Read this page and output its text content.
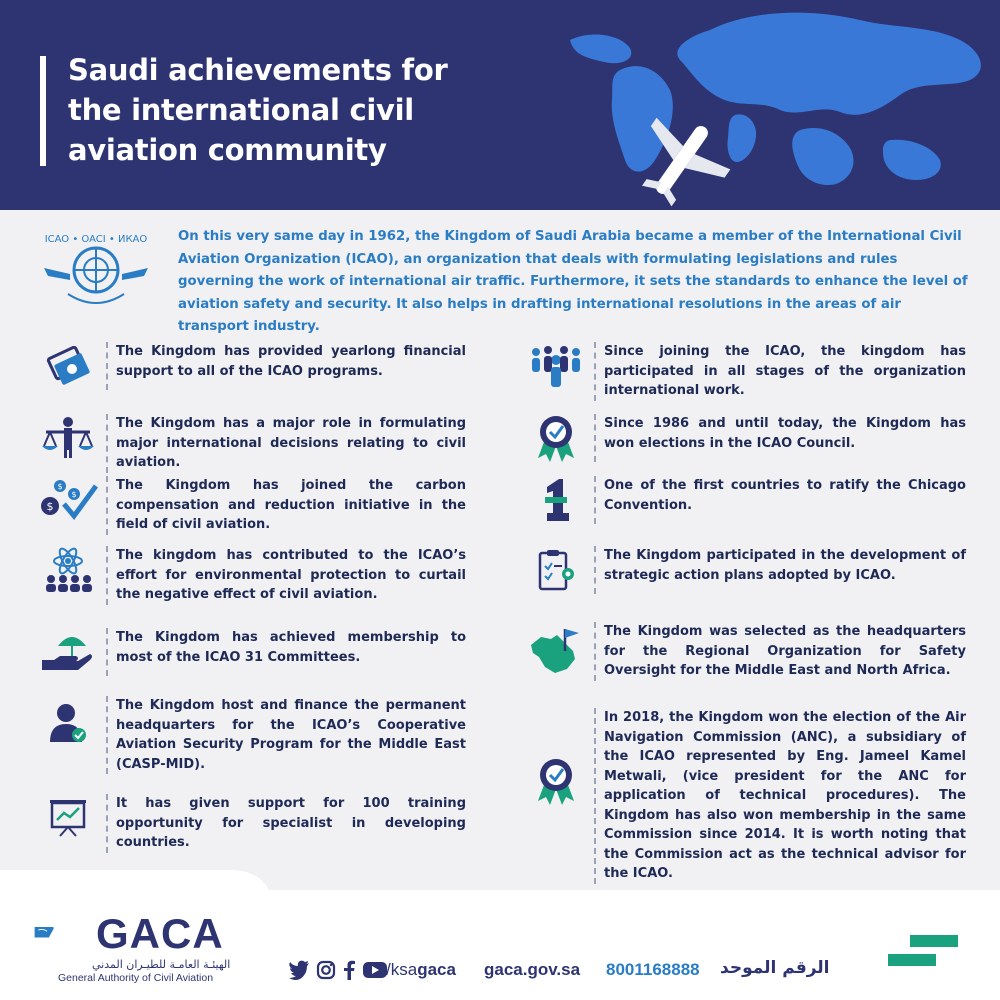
Saudi achievements for the international civil aviation community
ICAO • OACI • ИКАО On this very same day in 1962, the Kingdom of Saudi Arabia became a member of the International Civil Aviation Organization (ICAO), an organization that deals with formulating legislations and rules governing the work of international air traffic. Furthermore, it sets the standards to enhance the level of aviation safety and security. It also helps in drafting international resolutions in the areas of air transport industry.

The Kingdom has provided yearlong financial support to all of the ICAO programs.
The Kingdom has a major role in formulating major international decisions relating to civil aviation.
$
$
$
The Kingdom has joined the carbon compensation and reduction initiative in the field of civil aviation.
The kingdom has contributed to the ICAO’s effort for environmental protection to curtail the negative effect of civil aviation.
The Kingdom has achieved membership to most of the ICAO 31 Committees.
The Kingdom host and finance the permanent headquarters for the ICAO’s Cooperative Aviation Security Program for the Middle East (CASP-MID).
It has given support for 100 training opportunity for specialist in developing countries.
Since joining the ICAO, the kingdom has participated in all stages of the organization international work.
Since 1986 and until today, the Kingdom has won elections in the ICAO Council.
One of the first countries to ratify the Chicago Convention.
The Kingdom participated in the development of strategic action plans adopted by ICAO.
The Kingdom was selected as the headquarters for the Regional Organization for Safety Oversight for the Middle East and North Africa.
In 2018, the Kingdom won the election of the Air Navigation Commission (ANC), a subsidiary of the ICAO represented by Eng. Jameel Kamel Metwali, (vice president for the ANC for application of technical procedures). The Kingdom has also won membership in the same Commission since 2014. It is worth noting that the Commission act as the technical advisor for the ICAO.
GACA
الهيئـة العامـة للطيـران المدني
General Authority of Civil Aviation	/ksagaca gaca.gov.sa 8001168888 الرقم الموحد
